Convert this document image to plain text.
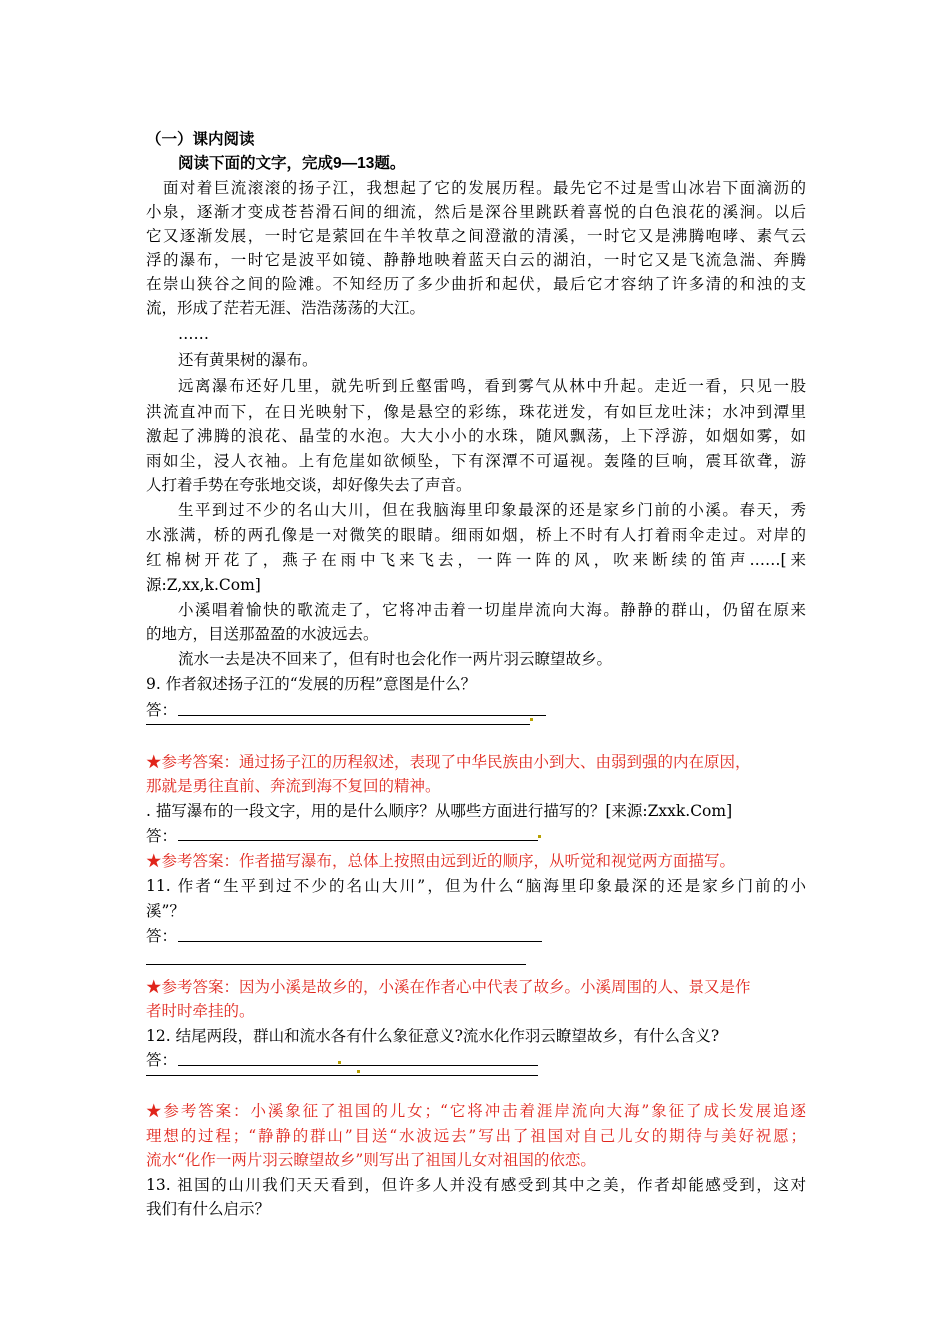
（一）课内阅读
阅读下面的文字，完成9—13题。
　面对着巨流滚滚的扬子江，我想起了它的发展历程。最先它不过是雪山冰岩下面滴沥的
小泉，逐渐才变成苍苔滑石间的细流，然后是深谷里跳跃着喜悦的白色浪花的溪涧。以后
它又逐渐发展，一时它是萦回在牛羊牧草之间澄澈的清溪，一时它又是沸腾咆哮、素气云
浮的瀑布，一时它是波平如镜、静静地映着蓝天白云的湖泊，一时它又是飞流急湍、奔腾
在崇山狭谷之间的险滩。不知经历了多少曲折和起伏，最后它才容纳了许多清的和浊的支
流，形成了茫若无涯、浩浩荡荡的大江。
……
还有黄果树的瀑布。
远离瀑布还好几里，就先听到丘壑雷鸣，看到雾气从林中升起。走近一看，只见一股
洪流直冲而下，在日光映射下，像是悬空的彩练，珠花迸发，有如巨龙吐沫；水冲到潭里
激起了沸腾的浪花、晶莹的水泡。大大小小的水珠，随风飘荡，上下浮游，如烟如雾，如
雨如尘，浸人衣袖。上有危崖如欲倾坠，下有深潭不可逼视。轰隆的巨响，震耳欲聋，游
人打着手势在夸张地交谈，却好像失去了声音。
生平到过不少的名山大川，但在我脑海里印象最深的还是家乡门前的小溪。春天，秀
水涨满，桥的两孔像是一对微笑的眼睛。细雨如烟，桥上不时有人打着雨伞走过。对岸的
红棉树开花了，燕子在雨中飞来飞去，一阵一阵的风，吹来断续的笛声……[来
源:Z,xx,k.Com]
小溪唱着愉快的歌流走了，它将冲击着一切崖岸流向大海。静静的群山，仍留在原来
的地方，目送那盈盈的水波远去。
流水一去是决不回来了，但有时也会化作一两片羽云瞭望故乡。
9. 作者叙述扬子江的“发展的历程”意图是什么？
答：
★参考答案：通过扬子江的历程叙述，表现了中华民族由小到大、由弱到强的内在原因，
那就是勇往直前、奔流到海不复回的精神。
. 描写瀑布的一段文字，用的是什么顺序？从哪些方面进行描写的？[来源:Zxxk.Com]
答：
★参考答案：作者描写瀑布，总体上按照由远到近的顺序，从听觉和视觉两方面描写。
11. 作者“生平到过不少的名山大川”，但为什么“脑海里印象最深的还是家乡门前的小
溪”？
答：
★参考答案：因为小溪是故乡的，小溪在作者心中代表了故乡。小溪周围的人、景又是作
者时时牵挂的。
12. 结尾两段，群山和流水各有什么象征意义?流水化作羽云瞭望故乡，有什么含义?
答：
★参考答案：小溪象征了祖国的儿女；“它将冲击着涯岸流向大海”象征了成长发展追逐
理想的过程；“静静的群山”目送“水波远去”写出了祖国对自己儿女的期待与美好祝愿；
流水“化作一两片羽云瞭望故乡”则写出了祖国儿女对祖国的依恋。
13. 祖国的山川我们天天看到，但许多人并没有感受到其中之美，作者却能感受到，这对
我们有什么启示？
